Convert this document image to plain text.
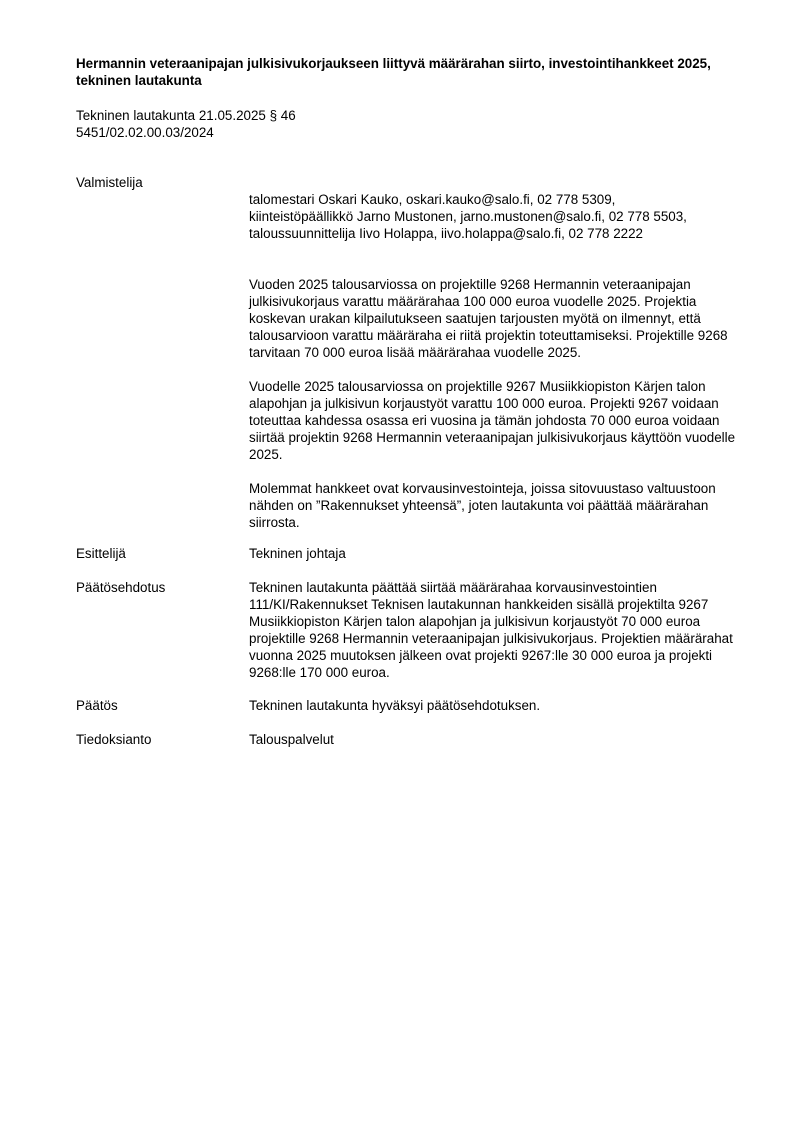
Hermannin veteraanipajan julkisivukorjaukseen liittyvä määrärahan siirto, investointihankkeet 2025, tekninen lautakunta
Tekninen lautakunta 21.05.2025 § 46
5451/02.02.00.03/2024
Valmistelija

talomestari Oskari Kauko, oskari.kauko@salo.fi, 02 778 5309,
kiinteistöpäällikkö Jarno Mustonen, jarno.mustonen@salo.fi, 02 778 5503,
taloussuunnittelija Iivo Holappa, iivo.holappa@salo.fi, 02 778 2222

Vuoden 2025 talousarviossa on projektille 9268 Hermannin veteraanipajan julkisivukorjaus varattu määrärahaa 100 000 euroa vuodelle 2025. Projektia koskevan urakan kilpailutukseen saatujen tarjousten myötä on ilmennyt, että talousarvioon varattu määräraha ei riitä projektin toteuttamiseksi. Projektille 9268 tarvitaan 70 000 euroa lisää määrärahaa vuodelle 2025.

Vuodelle 2025 talousarviossa on projektille 9267 Musiikkiopiston Kärjen talon alapohjan ja julkisivun korjaustyöt varattu 100 000 euroa. Projekti 9267 voidaan toteuttaa kahdessa osassa eri vuosina ja tämän johdosta 70 000 euroa voidaan siirtää projektin 9268 Hermannin veteraanipajan julkisivukorjaus käyttöön vuodelle 2025.

Molemmat hankkeet ovat korvausinvestointeja, joissa sitovuustaso valtuustoon nähden on ”Rakennukset yhteensä”, joten lautakunta voi päättää määrärahan siirrosta.

Esittelijä	Tekninen johtaja
Päätösehdotus	Tekninen lautakunta päättää siirtää määrärahaa korvausinvestointien 111/KI/Rakennukset Teknisen lautakunnan hankkeiden sisällä projektilta 9267 Musiikkiopiston Kärjen talon alapohjan ja julkisivun korjaustyöt 70 000 euroa projektille 9268 Hermannin veteraanipajan julkisivukorjaus. Projektien määrärahat vuonna 2025 muutoksen jälkeen ovat projekti 9267:lle 30 000 euroa ja projekti 9268:lle 170 000 euroa.
Päätös	Tekninen lautakunta hyväksyi päätösehdotuksen.
Tiedoksianto	Talouspalvelut
